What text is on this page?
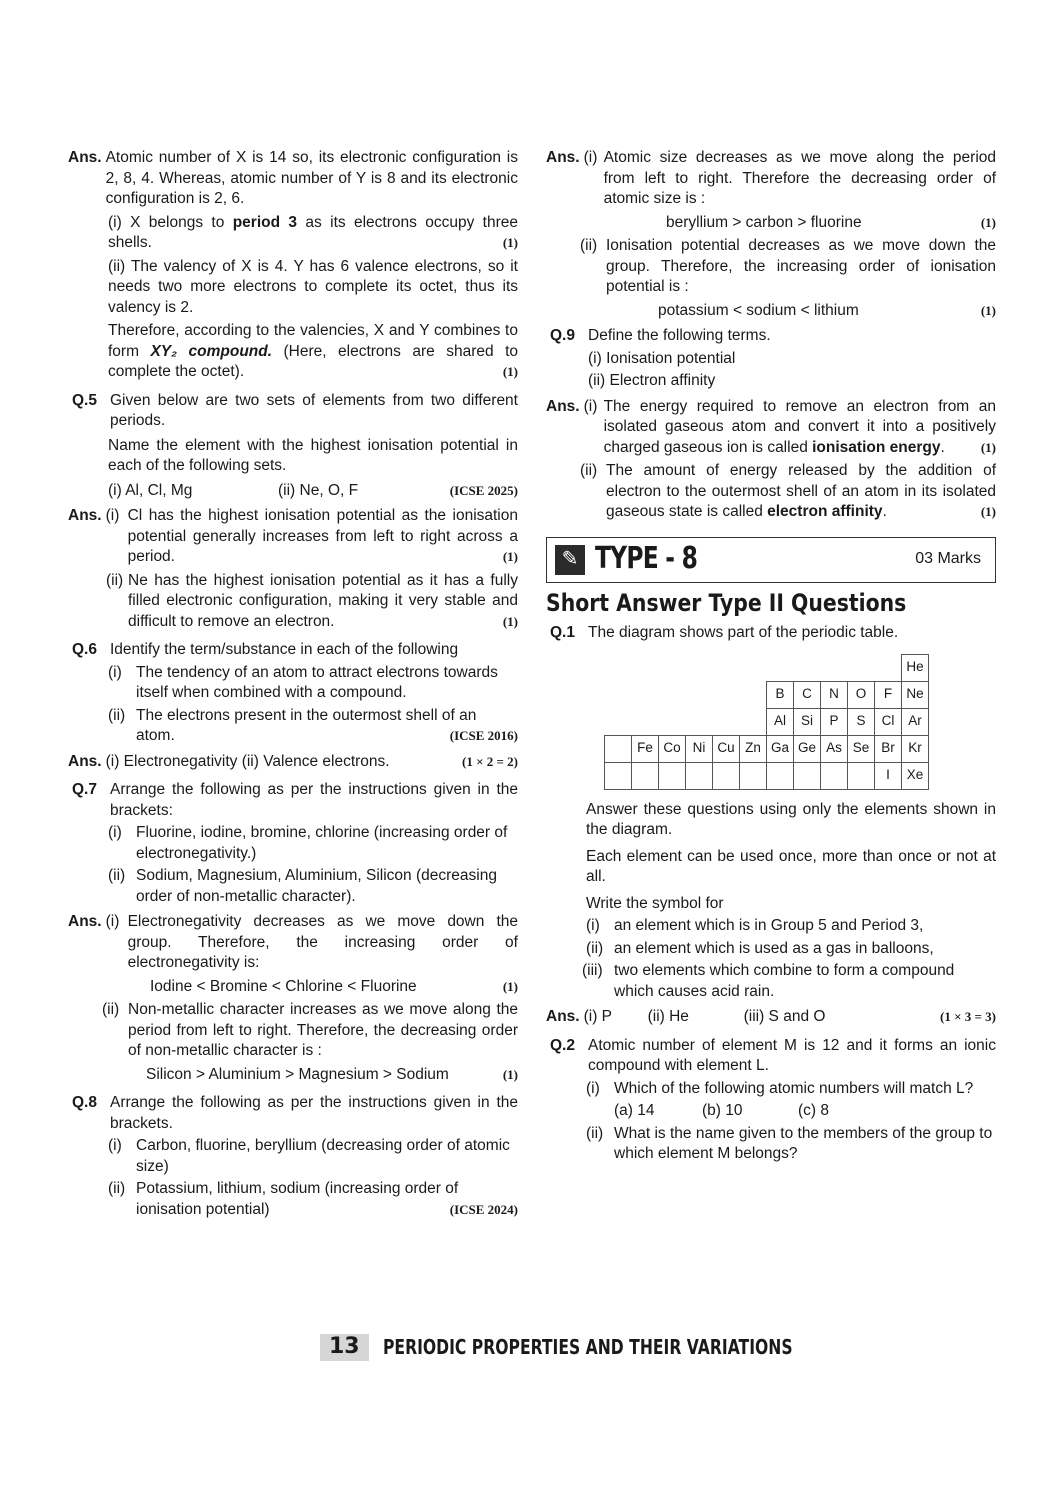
Ans. Atomic number of X is 14 so, its electronic configuration is 2, 8, 4. Whereas, atomic number of Y is 8 and its electronic configuration is 2, 6.
(i) X belongs to period 3 as its electrons occupy three shells.	(1)
(ii) The valency of X is 4. Y has 6 valence electrons, so it needs two more electrons to complete its octet, thus its valency is 2.
Therefore, according to the valencies, X and Y combines to form XY₂ compound. (Here, electrons are shared to complete the octet).	(1)
Q.5 Given below are two sets of elements from two different periods.
Name the element with the highest ionisation potential in each of the following sets.
(i) Al, Cl, Mg	(ii) Ne, O, F	(ICSE 2025)
Ans. (i) Cl has the highest ionisation potential as the ionisation potential generally increases from left to right across a period.	(1)
(ii) Ne has the highest ionisation potential as it has a fully filled electronic configuration, making it very stable and difficult to remove an electron.	(1)
Q.6 Identify the term/substance in each of the following
(i) The tendency of an atom to attract electrons towards itself when combined with a compound.
(ii) The electrons present in the outermost shell of an atom.	(ICSE 2016)
Ans. (i) Electronegativity (ii) Valence electrons.	(1 × 2 = 2)
Q.7 Arrange the following as per the instructions given in the brackets:
(i) Fluorine, iodine, bromine, chlorine (increasing order of electronegativity.)
(ii) Sodium, Magnesium, Aluminium, Silicon (decreasing order of non-metallic character).
Ans. (i) Electronegativity decreases as we move down the group. Therefore, the increasing order of electronegativity is:
Iodine < Bromine < Chlorine < Fluorine	(1)
(ii) Non-metallic character increases as we move along the period from left to right. Therefore, the decreasing order of non-metallic character is :
Silicon > Aluminium > Magnesium > Sodium	(1)
Q.8 Arrange the following as per the instructions given in the brackets.
(i) Carbon, fluorine, beryllium (decreasing order of atomic size)
(ii) Potassium, lithium, sodium (increasing order of ionisation potential)	(ICSE 2024)
Ans. (i) Atomic size decreases as we move along the period from left to right. Therefore the decreasing order of atomic size is :
beryllium > carbon > fluorine	(1)
(ii) Ionisation potential decreases as we move down the group. Therefore, the increasing order of ionisation potential is :
potassium < sodium < lithium	(1)
Q.9 Define the following terms.
(i) Ionisation potential
(ii) Electron affinity
Ans. (i) The energy required to remove an electron from an isolated gaseous atom and convert it into a positively charged gaseous ion is called ionisation energy.	(1)
(ii) The amount of energy released by the addition of electron to the outermost shell of an atom in its isolated gaseous state is called electron affinity.	(1)
✎ TYPE - 8	03 Marks
Short Answer Type II Questions
Q.1 The diagram shows part of the periodic table.
											He
						B	C	N	O	F	Ne
						Al	Si	P	S	Cl	Ar
	Fe	Co	Ni	Cu	Zn	Ga	Ge	As	Se	Br	Kr
										I	Xe
Answer these questions using only the elements shown in the diagram.
Each element can be used once, more than once or not at all.
Write the symbol for
(i) an element which is in Group 5 and Period 3,
(ii) an element which is used as a gas in balloons,
(iii) two elements which combine to form a compound which causes acid rain.
Ans. (i) P	(ii) He	(iii) S and O	(1 × 3 = 3)
Q.2 Atomic number of element M is 12 and it forms an ionic compound with element L.
(i) Which of the following atomic numbers will match L?
(a) 14	(b) 10	(c) 8
(ii) What is the name given to the members of the group to which element M belongs?
13	PERIODIC PROPERTIES AND THEIR VARIATIONS
